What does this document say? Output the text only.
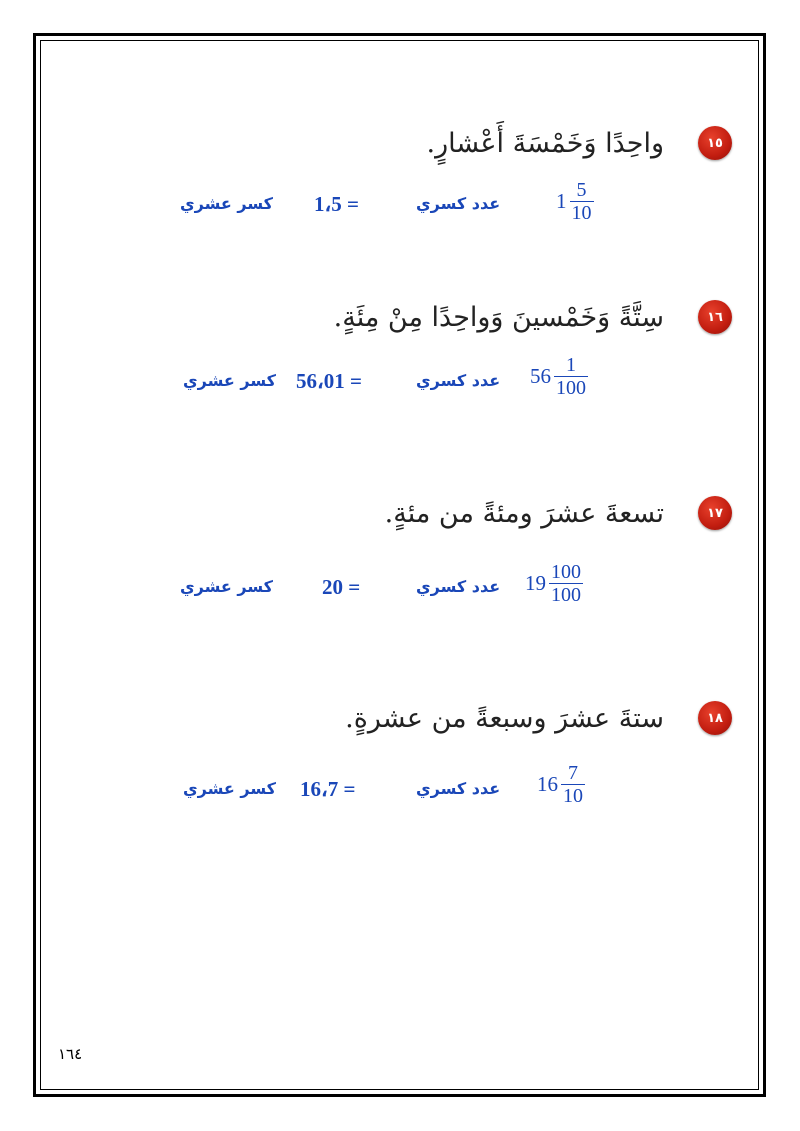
١٥
واحِدًا وَخَمْسَةَ أَعْشارٍ.
$1 \frac{5}{10}$
عدد كسري
= 1،5
كسر عشري
١٦
سِتَّةً وَخَمْسينَ وَواحِدًا مِنْ مِئَةٍ.
$56 \frac{1}{100}$
عدد كسري
= 56،01
كسر عشري
١٧
تسعةَ عشرَ ومئةً من مئةٍ.
$19 \frac{100}{100}$
عدد كسري
= 20
كسر عشري
١٨
ستةَ عشرَ وسبعةً من عشرةٍ.
$16 \frac{7}{10}$
عدد كسري
= 16،7
كسر عشري
١٦٤
